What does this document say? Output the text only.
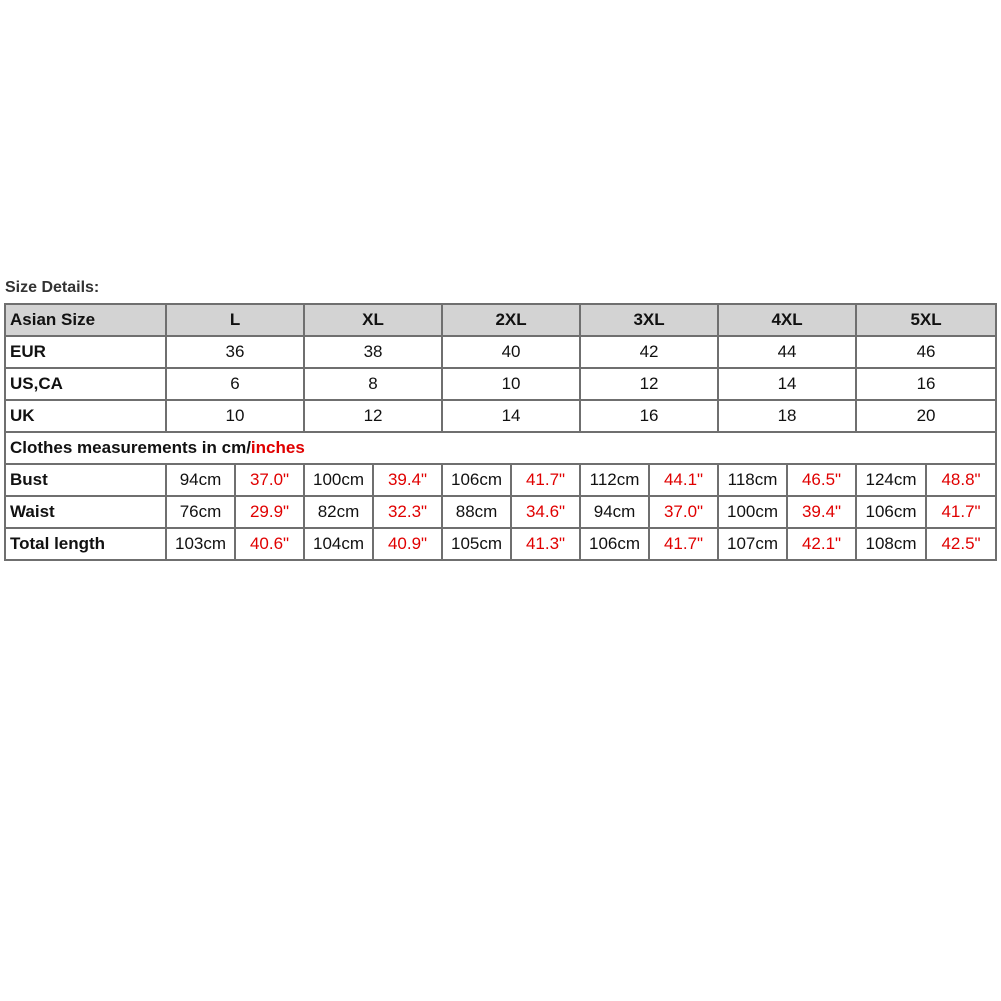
Size Details:
Asian Size	L		XL		2XL		3XL		4XL		5XL	
EUR	36		38		40		42		44		46	
US,CA	6		8		10		12		14		16	
UK	10		12		14		16		18		20	
Clothes measurements in cm/inches												
Bust	94cm	37.0"	100cm	39.4"	106cm	41.7"	112cm	44.1"	118cm	46.5"	124cm	48.8"
Waist	76cm	29.9"	82cm	32.3"	88cm	34.6"	94cm	37.0"	100cm	39.4"	106cm	41.7"
Total length	103cm	40.6"	104cm	40.9"	105cm	41.3"	106cm	41.7"	107cm	42.1"	108cm	42.5"
